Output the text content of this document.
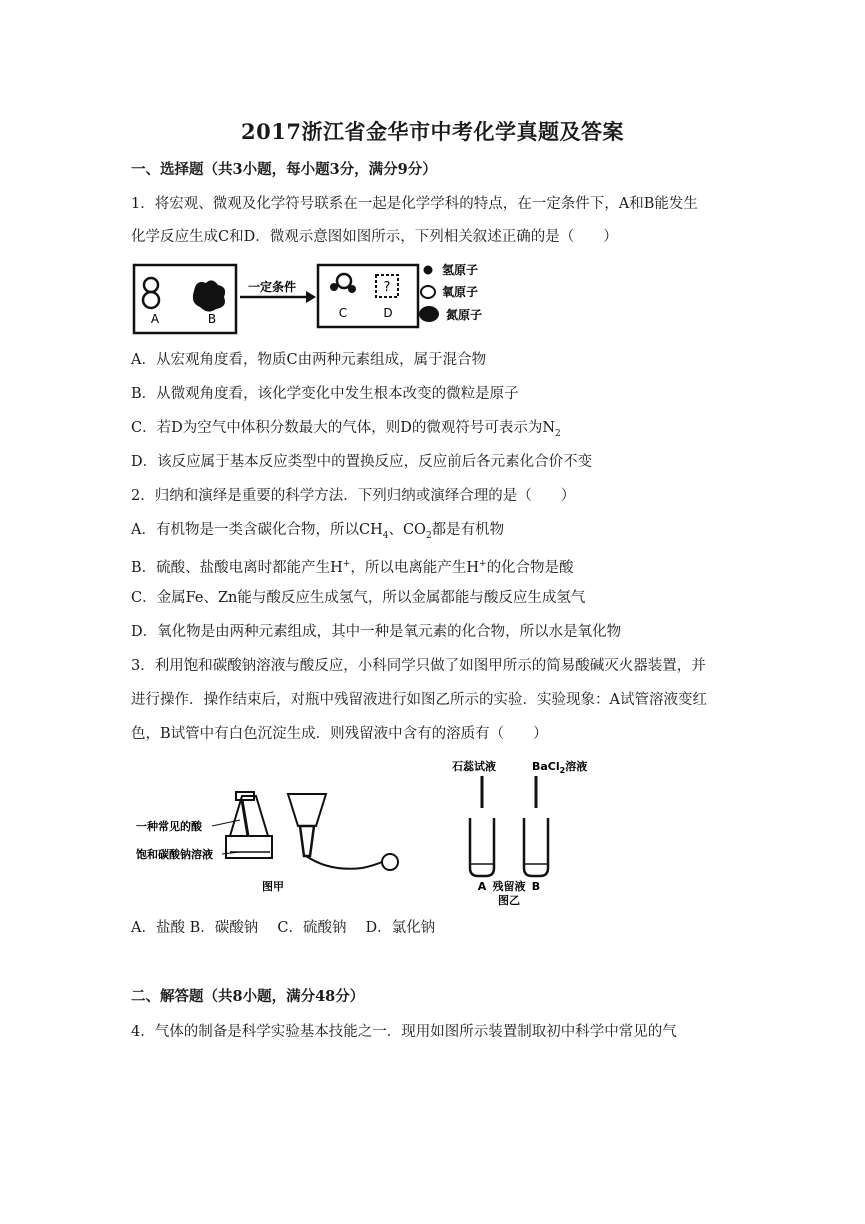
2017浙江省金华市中考化学真题及答案
一、选择题（共3小题，每小题3分，满分9分）
1．将宏观、微观及化学符号联系在一起是化学学科的特点，在一定条件下，A和B能发生
化学反应生成C和D．微观示意图如图所示，下列相关叙述正确的是（　　）
A	B
一定条件
C
?
D
氢原子
氧原子
氮原子
A．从宏观角度看，物质C由两种元素组成，属于混合物
B．从微观角度看，该化学变化中发生根本改变的微粒是原子
C．若D为空气中体积分数最大的气体，则D的微观符号可表示为$N_2$
D．该反应属于基本反应类型中的置换反应，反应前后各元素化合价不变
2．归纳和演绎是重要的科学方法．下列归纳或演绎合理的是（　　）
A．有机物是一类含碳化合物，所以$CH_4$、$CO_2$都是有机物
B．硫酸、盐酸电离时都能产生H+，所以电离能产生H+的化合物是酸
C．金属Fe、Zn能与酸反应生成氢气，所以金属都能与酸反应生成氢气
D．氧化物是由两种元素组成，其中一种是氧元素的化合物，所以水是氧化物
3．利用饱和碳酸钠溶液与酸反应，小科同学只做了如图甲所示的简易酸碱灭火器装置，并
进行操作．操作结束后，对瓶中残留液进行如图乙所示的实验．实验现象：A试管溶液变红
色，B试管中有白色沉淀生成．则残留液中含有的溶质有（　　）
一种常见的酸
饱和碳酸钠溶液
图甲
石蕊试液	BaCl$_2$溶液
A 残留液 B
图乙
A．盐酸 B．碳酸钠　 C．硫酸钠　 D．氯化钠
二、解答题（共8小题，满分48分）
4．气体的制备是科学实验基本技能之一．现用如图所示装置制取初中科学中常见的气
